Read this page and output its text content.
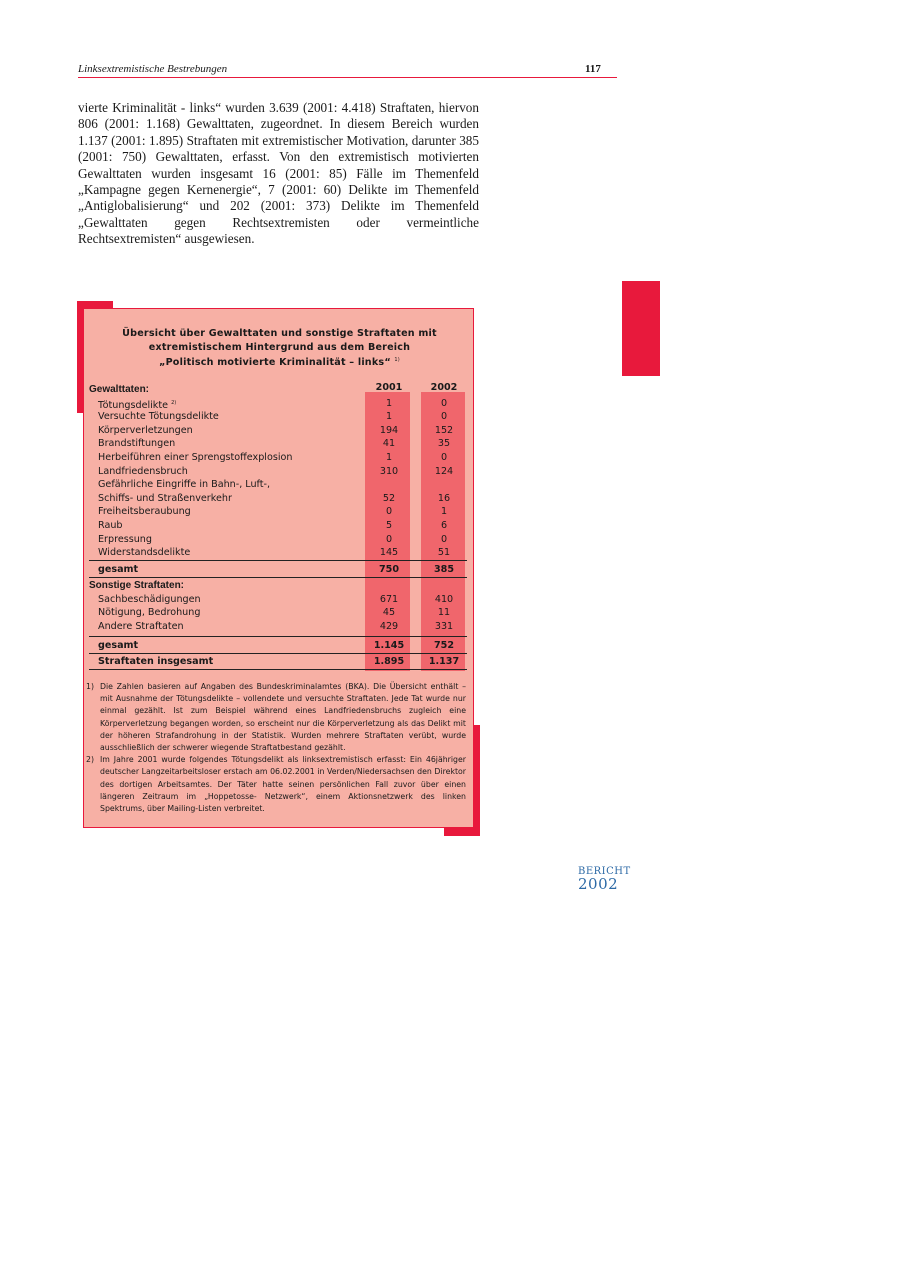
Linksextremistische Bestrebungen	117
vierte Kriminalität - links“ wurden 3.639 (2001: 4.418) Straftaten, hiervon 806 (2001: 1.168) Gewalttaten, zugeordnet. In diesem Bereich wurden 1.137 (2001: 1.895) Straftaten mit extremistischer Motivation, darunter 385 (2001: 750) Gewalttaten, erfasst. Von den extremistisch motivierten Gewalttaten wurden insgesamt 16 (2001: 85) Fälle im Themenfeld „Kampagne gegen Kernenergie“, 7 (2001: 60) Delikte im Themenfeld „Antiglobalisierung“ und 202 (2001: 373) Delikte im Themenfeld „Gewalttaten gegen Rechtsextremisten oder vermeintliche Rechtsextremisten“ ausgewiesen.
Übersicht über Gewalttaten und sonstige Straftaten mit
extremistischem Hintergrund aus dem Bereich
„Politisch motivierte Kriminalität – links“ $^{1)}$
2001	2002
Gewalttaten:
Tötungsdelikte $^{2)}$	1	0
Versuchte Tötungsdelikte	1	0
Körperverletzungen	194	152
Brandstiftungen	41	35
Herbeiführen einer Sprengstoffexplosion	1	0
Landfriedensbruch	310	124
Gefährliche Eingriffe in Bahn-, Luft-,
Schiffs- und Straßenverkehr	52	16
Freiheitsberaubung	0	1
Raub	5	6
Erpressung	0	0
Widerstandsdelikte	145	51
gesamt	750	385
Sonstige Straftaten:
Sachbeschädigungen	671	410
Nötigung, Bedrohung	45	11
Andere Straftaten	429	331
gesamt	1.145	752
Straftaten insgesamt	1.895	1.137
1) Die Zahlen basieren auf Angaben des Bundeskriminalamtes (BKA). Die Übersicht enthält – mit Ausnahme der Tötungsdelikte – vollendete und versuchte Straftaten. Jede Tat wurde nur einmal gezählt. Ist zum Beispiel während eines Landfriedensbruchs zugleich eine Körperverletzung begangen worden, so erscheint nur die Körperverletzung als das Delikt mit der höheren Strafandrohung in der Statistik. Wurden mehrere Straftaten verübt, wurde ausschließlich der schwerer wiegende Straftatbestand gezählt.
2) Im Jahre 2001 wurde folgendes Tötungsdelikt als linksextremistisch erfasst: Ein 46jähriger deutscher Langzeitarbeitsloser erstach am 06.02.2001 in Verden/Niedersachsen den Direktor des dortigen Arbeitsamtes. Der Täter hatte seinen persönlichen Fall zuvor über einen längeren Zeitraum im „Hoppetosse- Netzwerk“, einem Aktionsnetzwerk des linken Spektrums, über Mailing-Listen verbreitet.
BERICHT
2002
